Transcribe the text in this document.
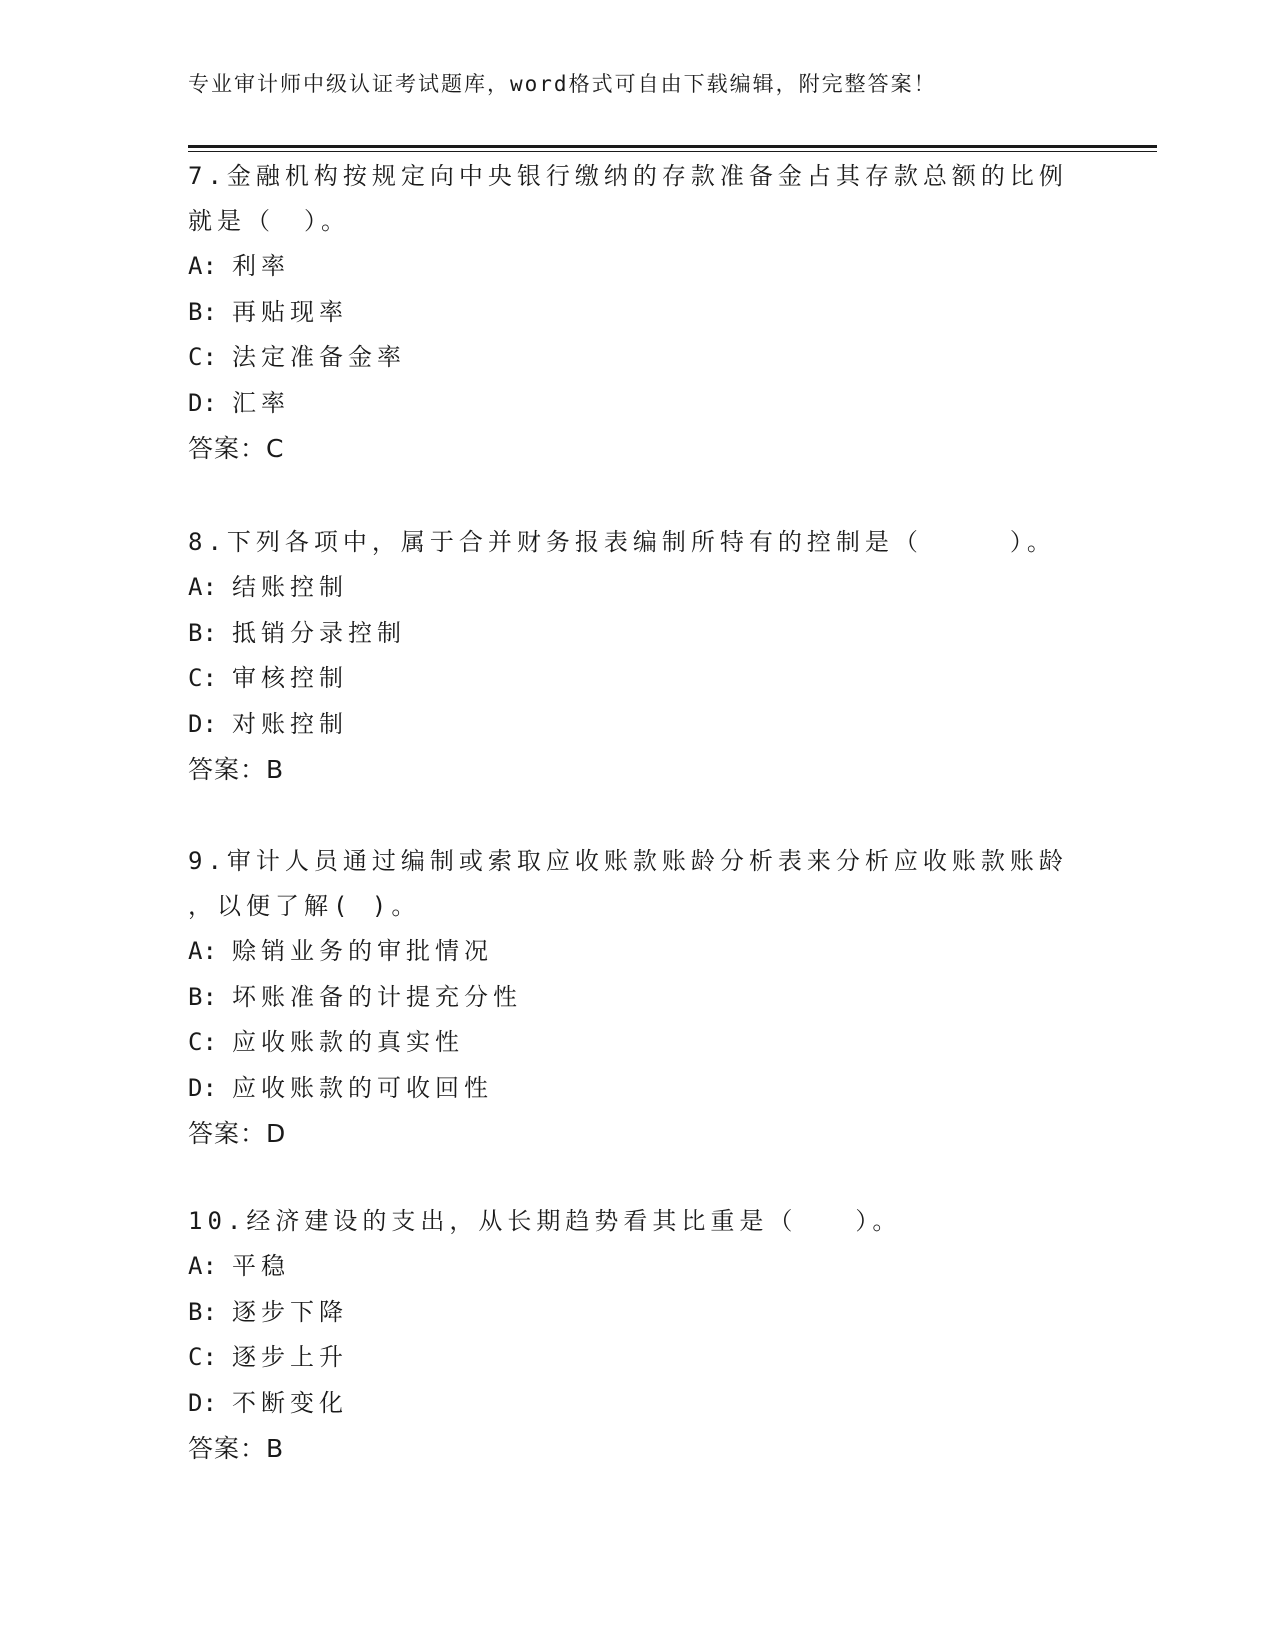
专业审计师中级认证考试题库，word格式可自由下载编辑，附完整答案！
7.金融机构按规定向中央银行缴纳的存款准备金占其存款总额的比例
就是（　）。
A: 利率
B: 再贴现率
C: 法定准备金率
D: 汇率
答案：C
8.下列各项中，属于合并财务报表编制所特有的控制是（　　　）。
A: 结账控制
B: 抵销分录控制
C: 审核控制
D: 对账控制
答案：B
9.审计人员通过编制或索取应收账款账龄分析表来分析应收账款账龄
，以便了解( )。
A: 赊销业务的审批情况
B: 坏账准备的计提充分性
C: 应收账款的真实性
D: 应收账款的可收回性
答案：D
10.经济建设的支出，从长期趋势看其比重是（　　）。
A: 平稳
B: 逐步下降
C: 逐步上升
D: 不断变化
答案：B
